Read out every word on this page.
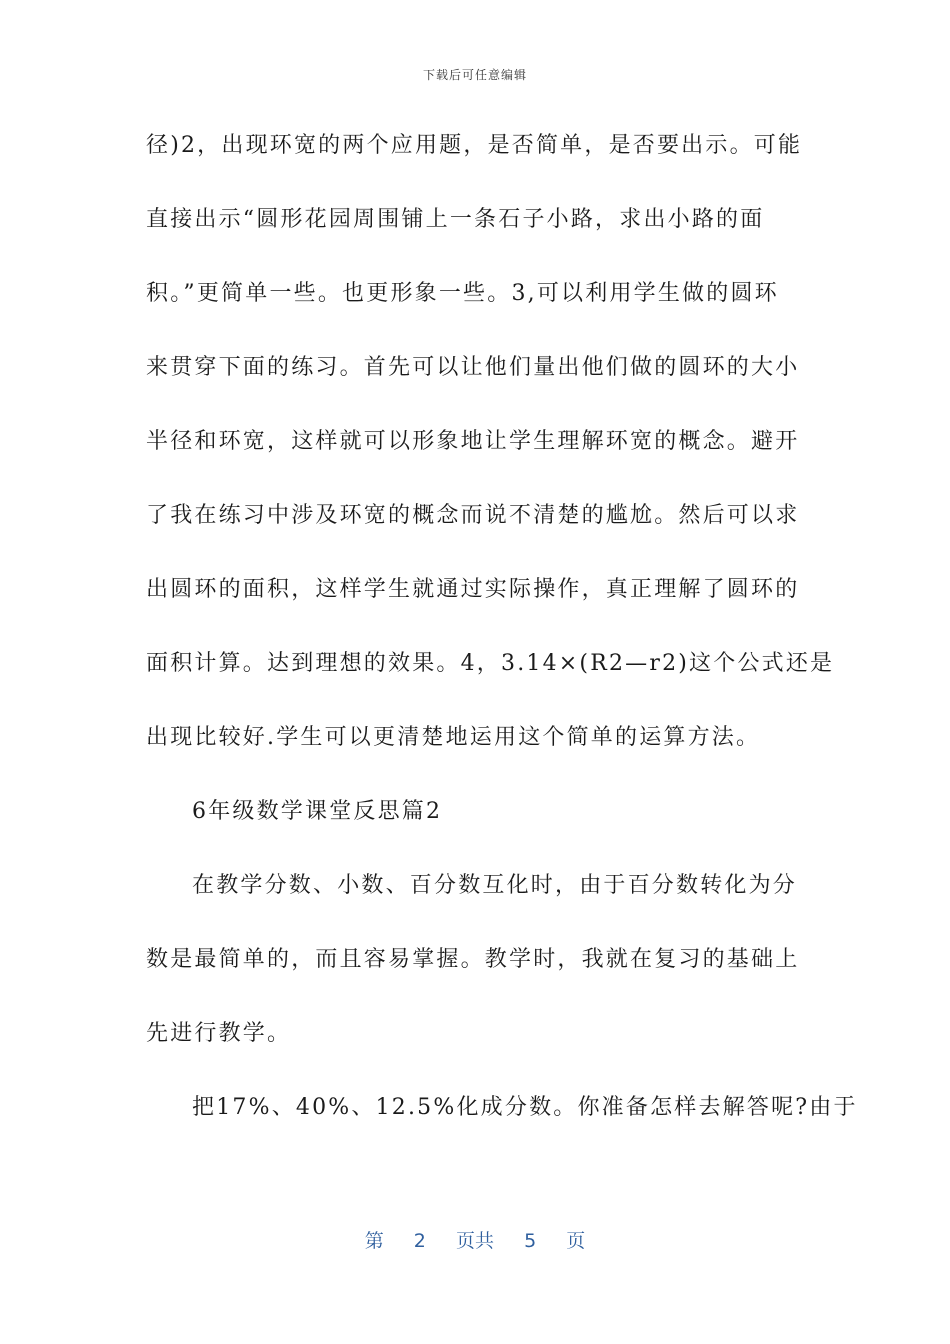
下载后可任意编辑
径)2，出现环宽的两个应用题，是否简单，是否要出示。可能
直接出示“圆形花园周围铺上一条石子小路，求出小路的面
积。”更简单一些。也更形象一些。3,可以利用学生做的圆环
来贯穿下面的练习。首先可以让他们量出他们做的圆环的大小
半径和环宽，这样就可以形象地让学生理解环宽的概念。避开
了我在练习中涉及环宽的概念而说不清楚的尴尬。然后可以求
出圆环的面积，这样学生就通过实际操作，真正理解了圆环的
面积计算。达到理想的效果。4，3.14×(R2—r2)这个公式还是
出现比较好.学生可以更清楚地运用这个简单的运算方法。
6年级数学课堂反思篇2
在教学分数、小数、百分数互化时，由于百分数转化为分
数是最简单的，而且容易掌握。教学时，我就在复习的基础上
先进行教学。
把17%、40%、12.5%化成分数。你准备怎样去解答呢?由于
第 2 页共 5 页
